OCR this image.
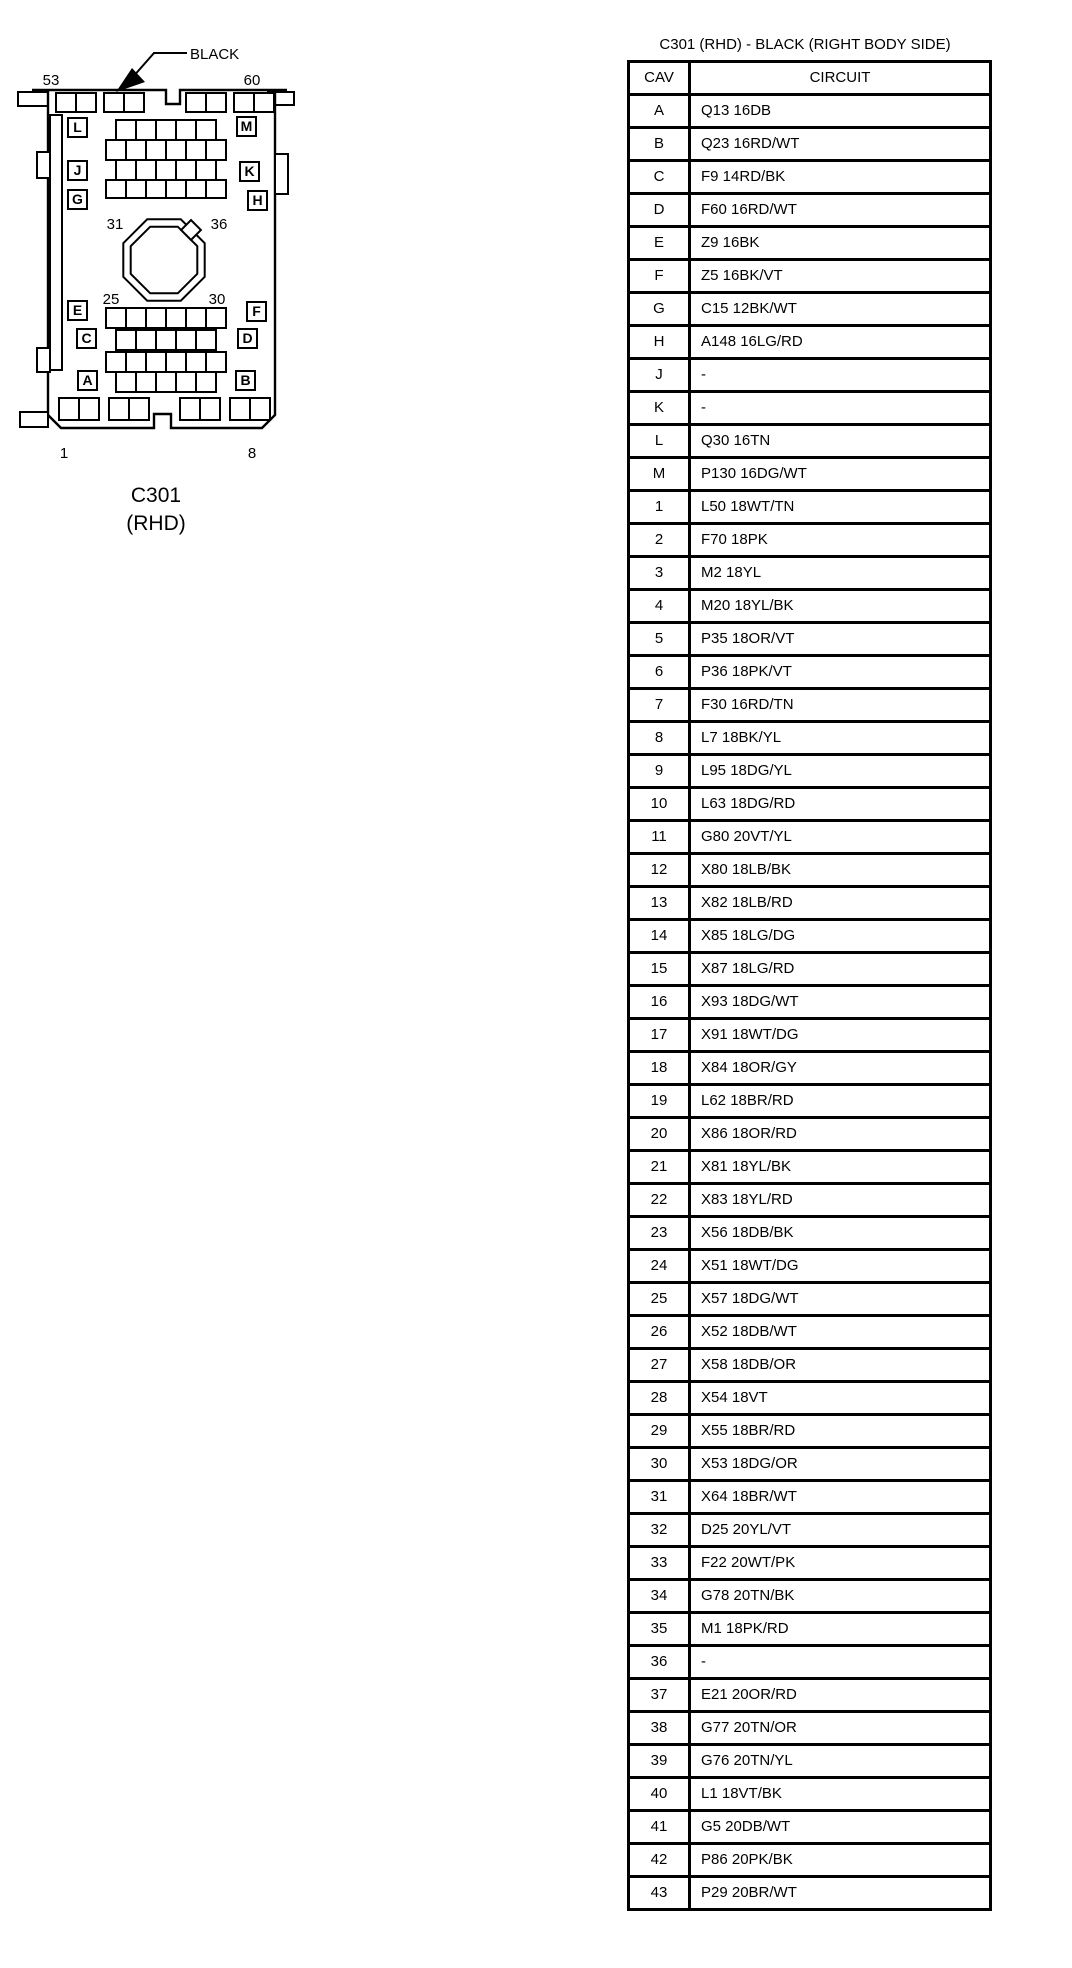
BLACK
53	60
L	M
J	K
G	H
E	F
C	D
A	B
31	36
25	30
1	8
C301
(RHD)
C301 (RHD) - BLACK (RIGHT BODY SIDE)
CAV	CIRCUIT
A	Q13 16DB
B	Q23 16RD/WT
C	F9 14RD/BK
D	F60 16RD/WT
E	Z9 16BK
F	Z5 16BK/VT
G	C15 12BK/WT
H	A148 16LG/RD
J	-
K	-
L	Q30 16TN
M	P130 16DG/WT
1	L50 18WT/TN
2	F70 18PK
3	M2 18YL
4	M20 18YL/BK
5	P35 18OR/VT
6	P36 18PK/VT
7	F30 16RD/TN
8	L7 18BK/YL
9	L95 18DG/YL
10	L63 18DG/RD
11	G80 20VT/YL
12	X80 18LB/BK
13	X82 18LB/RD
14	X85 18LG/DG
15	X87 18LG/RD
16	X93 18DG/WT
17	X91 18WT/DG
18	X84 18OR/GY
19	L62 18BR/RD
20	X86 18OR/RD
21	X81 18YL/BK
22	X83 18YL/RD
23	X56 18DB/BK
24	X51 18WT/DG
25	X57 18DG/WT
26	X52 18DB/WT
27	X58 18DB/OR
28	X54 18VT
29	X55 18BR/RD
30	X53 18DG/OR
31	X64 18BR/WT
32	D25 20YL/VT
33	F22 20WT/PK
34	G78 20TN/BK
35	M1 18PK/RD
36	-
37	E21 20OR/RD
38	G77 20TN/OR
39	G76 20TN/YL
40	L1 18VT/BK
41	G5 20DB/WT
42	P86 20PK/BK
43	P29 20BR/WT
